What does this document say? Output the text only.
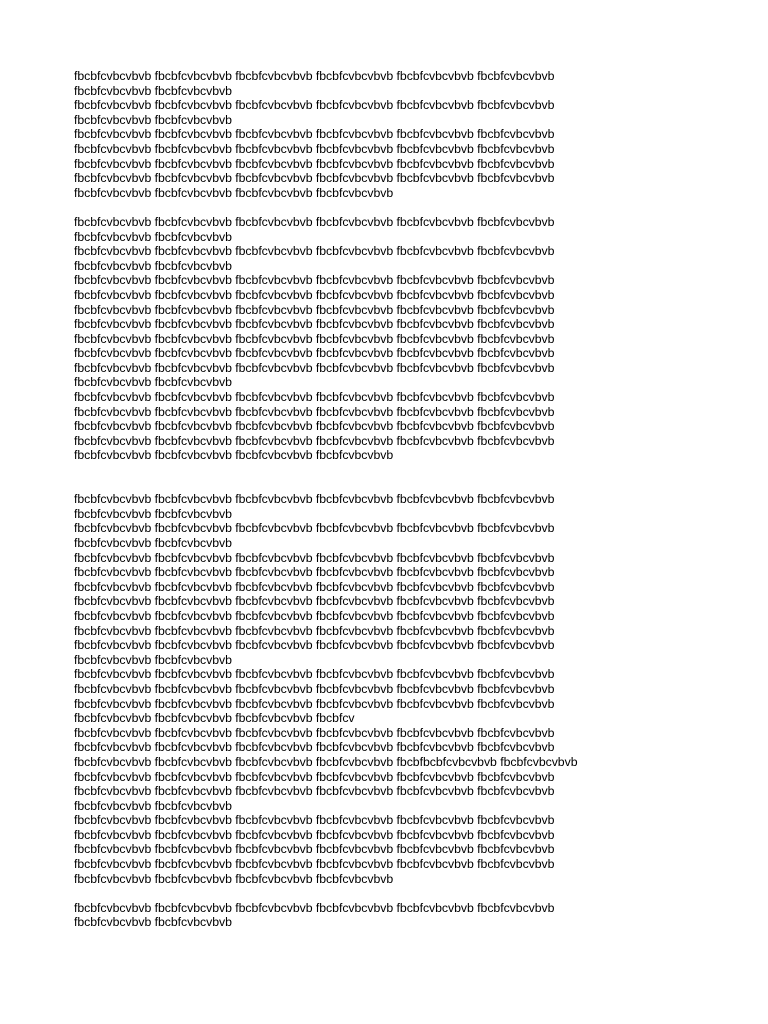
fbcbfcvbcvbvb fbcbfcvbcvbvb fbcbfcvbcvbvb fbcbfcvbcvbvb fbcbfcvbcvbvb fbcbfcvbcvbvb
fbcbfcvbcvbvb fbcbfcvbcvbvb
fbcbfcvbcvbvb fbcbfcvbcvbvb fbcbfcvbcvbvb fbcbfcvbcvbvb fbcbfcvbcvbvb fbcbfcvbcvbvb
fbcbfcvbcvbvb fbcbfcvbcvbvb
fbcbfcvbcvbvb fbcbfcvbcvbvb fbcbfcvbcvbvb fbcbfcvbcvbvb fbcbfcvbcvbvb fbcbfcvbcvbvb
fbcbfcvbcvbvb fbcbfcvbcvbvb fbcbfcvbcvbvb fbcbfcvbcvbvb fbcbfcvbcvbvb fbcbfcvbcvbvb
fbcbfcvbcvbvb fbcbfcvbcvbvb fbcbfcvbcvbvb fbcbfcvbcvbvb fbcbfcvbcvbvb fbcbfcvbcvbvb
fbcbfcvbcvbvb fbcbfcvbcvbvb fbcbfcvbcvbvb fbcbfcvbcvbvb fbcbfcvbcvbvb fbcbfcvbcvbvb
fbcbfcvbcvbvb fbcbfcvbcvbvb fbcbfcvbcvbvb fbcbfcvbcvbvb
fbcbfcvbcvbvb fbcbfcvbcvbvb fbcbfcvbcvbvb fbcbfcvbcvbvb fbcbfcvbcvbvb fbcbfcvbcvbvb
fbcbfcvbcvbvb fbcbfcvbcvbvb
fbcbfcvbcvbvb fbcbfcvbcvbvb fbcbfcvbcvbvb fbcbfcvbcvbvb fbcbfcvbcvbvb fbcbfcvbcvbvb
fbcbfcvbcvbvb fbcbfcvbcvbvb
fbcbfcvbcvbvb fbcbfcvbcvbvb fbcbfcvbcvbvb fbcbfcvbcvbvb fbcbfcvbcvbvb fbcbfcvbcvbvb
fbcbfcvbcvbvb fbcbfcvbcvbvb fbcbfcvbcvbvb fbcbfcvbcvbvb fbcbfcvbcvbvb fbcbfcvbcvbvb
fbcbfcvbcvbvb fbcbfcvbcvbvb fbcbfcvbcvbvb fbcbfcvbcvbvb fbcbfcvbcvbvb fbcbfcvbcvbvb
fbcbfcvbcvbvb fbcbfcvbcvbvb fbcbfcvbcvbvb fbcbfcvbcvbvb fbcbfcvbcvbvb fbcbfcvbcvbvb
fbcbfcvbcvbvb fbcbfcvbcvbvb fbcbfcvbcvbvb fbcbfcvbcvbvb fbcbfcvbcvbvb fbcbfcvbcvbvb
fbcbfcvbcvbvb fbcbfcvbcvbvb fbcbfcvbcvbvb fbcbfcvbcvbvb fbcbfcvbcvbvb fbcbfcvbcvbvb
fbcbfcvbcvbvb fbcbfcvbcvbvb fbcbfcvbcvbvb fbcbfcvbcvbvb fbcbfcvbcvbvb fbcbfcvbcvbvb
fbcbfcvbcvbvb fbcbfcvbcvbvb
fbcbfcvbcvbvb fbcbfcvbcvbvb fbcbfcvbcvbvb fbcbfcvbcvbvb fbcbfcvbcvbvb fbcbfcvbcvbvb
fbcbfcvbcvbvb fbcbfcvbcvbvb fbcbfcvbcvbvb fbcbfcvbcvbvb fbcbfcvbcvbvb fbcbfcvbcvbvb
fbcbfcvbcvbvb fbcbfcvbcvbvb fbcbfcvbcvbvb fbcbfcvbcvbvb fbcbfcvbcvbvb fbcbfcvbcvbvb
fbcbfcvbcvbvb fbcbfcvbcvbvb fbcbfcvbcvbvb fbcbfcvbcvbvb fbcbfcvbcvbvb fbcbfcvbcvbvb
fbcbfcvbcvbvb fbcbfcvbcvbvb fbcbfcvbcvbvb fbcbfcvbcvbvb
fbcbfcvbcvbvb fbcbfcvbcvbvb fbcbfcvbcvbvb fbcbfcvbcvbvb fbcbfcvbcvbvb fbcbfcvbcvbvb
fbcbfcvbcvbvb fbcbfcvbcvbvb
fbcbfcvbcvbvb fbcbfcvbcvbvb fbcbfcvbcvbvb fbcbfcvbcvbvb fbcbfcvbcvbvb fbcbfcvbcvbvb
fbcbfcvbcvbvb fbcbfcvbcvbvb
fbcbfcvbcvbvb fbcbfcvbcvbvb fbcbfcvbcvbvb fbcbfcvbcvbvb fbcbfcvbcvbvb fbcbfcvbcvbvb
fbcbfcvbcvbvb fbcbfcvbcvbvb fbcbfcvbcvbvb fbcbfcvbcvbvb fbcbfcvbcvbvb fbcbfcvbcvbvb
fbcbfcvbcvbvb fbcbfcvbcvbvb fbcbfcvbcvbvb fbcbfcvbcvbvb fbcbfcvbcvbvb fbcbfcvbcvbvb
fbcbfcvbcvbvb fbcbfcvbcvbvb fbcbfcvbcvbvb fbcbfcvbcvbvb fbcbfcvbcvbvb fbcbfcvbcvbvb
fbcbfcvbcvbvb fbcbfcvbcvbvb fbcbfcvbcvbvb fbcbfcvbcvbvb fbcbfcvbcvbvb fbcbfcvbcvbvb
fbcbfcvbcvbvb fbcbfcvbcvbvb fbcbfcvbcvbvb fbcbfcvbcvbvb fbcbfcvbcvbvb fbcbfcvbcvbvb
fbcbfcvbcvbvb fbcbfcvbcvbvb fbcbfcvbcvbvb fbcbfcvbcvbvb fbcbfcvbcvbvb fbcbfcvbcvbvb
fbcbfcvbcvbvb fbcbfcvbcvbvb
fbcbfcvbcvbvb fbcbfcvbcvbvb fbcbfcvbcvbvb fbcbfcvbcvbvb fbcbfcvbcvbvb fbcbfcvbcvbvb
fbcbfcvbcvbvb fbcbfcvbcvbvb fbcbfcvbcvbvb fbcbfcvbcvbvb fbcbfcvbcvbvb fbcbfcvbcvbvb
fbcbfcvbcvbvb fbcbfcvbcvbvb fbcbfcvbcvbvb fbcbfcvbcvbvb fbcbfcvbcvbvb fbcbfcvbcvbvb
fbcbfcvbcvbvb fbcbfcvbcvbvb fbcbfcvbcvbvb fbcbfcv
fbcbfcvbcvbvb fbcbfcvbcvbvb fbcbfcvbcvbvb fbcbfcvbcvbvb fbcbfcvbcvbvb fbcbfcvbcvbvb
fbcbfcvbcvbvb fbcbfcvbcvbvb fbcbfcvbcvbvb fbcbfcvbcvbvb fbcbfcvbcvbvb fbcbfcvbcvbvb
fbcbfcvbcvbvb fbcbfcvbcvbvb fbcbfcvbcvbvb fbcbfcvbcvbvb fbcbfbcbfcvbcvbvb fbcbfcvbcvbvb
fbcbfcvbcvbvb fbcbfcvbcvbvb fbcbfcvbcvbvb fbcbfcvbcvbvb fbcbfcvbcvbvb fbcbfcvbcvbvb
fbcbfcvbcvbvb fbcbfcvbcvbvb fbcbfcvbcvbvb fbcbfcvbcvbvb fbcbfcvbcvbvb fbcbfcvbcvbvb
fbcbfcvbcvbvb fbcbfcvbcvbvb
fbcbfcvbcvbvb fbcbfcvbcvbvb fbcbfcvbcvbvb fbcbfcvbcvbvb fbcbfcvbcvbvb fbcbfcvbcvbvb
fbcbfcvbcvbvb fbcbfcvbcvbvb fbcbfcvbcvbvb fbcbfcvbcvbvb fbcbfcvbcvbvb fbcbfcvbcvbvb
fbcbfcvbcvbvb fbcbfcvbcvbvb fbcbfcvbcvbvb fbcbfcvbcvbvb fbcbfcvbcvbvb fbcbfcvbcvbvb
fbcbfcvbcvbvb fbcbfcvbcvbvb fbcbfcvbcvbvb fbcbfcvbcvbvb fbcbfcvbcvbvb fbcbfcvbcvbvb
fbcbfcvbcvbvb fbcbfcvbcvbvb fbcbfcvbcvbvb fbcbfcvbcvbvb
fbcbfcvbcvbvb fbcbfcvbcvbvb fbcbfcvbcvbvb fbcbfcvbcvbvb fbcbfcvbcvbvb fbcbfcvbcvbvb
fbcbfcvbcvbvb fbcbfcvbcvbvb
